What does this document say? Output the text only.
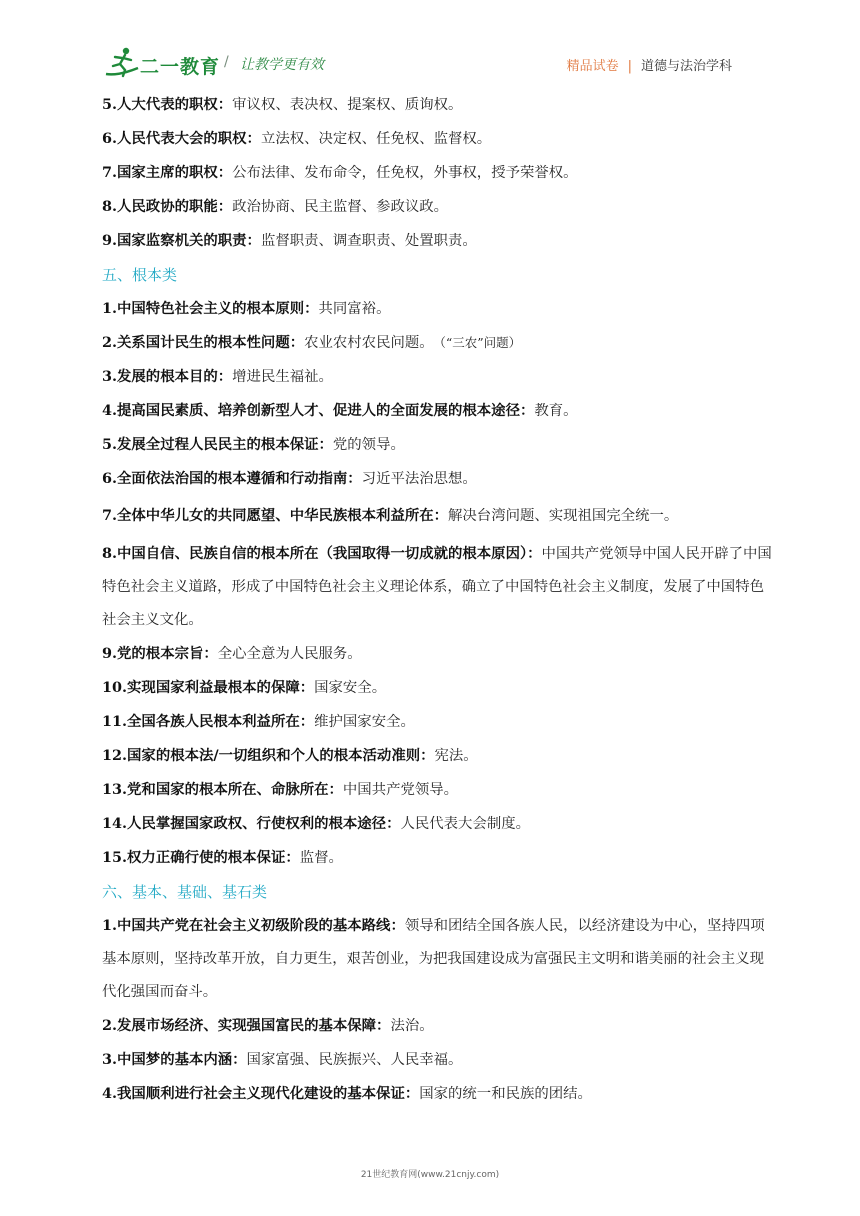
二一教育 / 让教学更有效	精品试卷 | 道德与法治学科

5.人大代表的职权：审议权、表决权、提案权、质询权。

6.人民代表大会的职权：立法权、决定权、任免权、监督权。

7.国家主席的职权：公布法律、发布命令，任免权，外事权，授予荣誉权。

8.人民政协的职能：政治协商、民主监督、参政议政。

9.国家监察机关的职责：监督职责、调查职责、处置职责。

五、根本类

1.中国特色社会主义的根本原则：共同富裕。

2.关系国计民生的根本性问题：农业农村农民问题。 （“三农”问题）

3.发展的根本目的：增进民生福祉。

4.提高国民素质、培养创新型人才、促进人的全面发展的根本途径：教育。

5.发展全过程人民民主的根本保证：党的领导。

6.全面依法治国的根本遵循和行动指南：习近平法治思想。

7.全体中华儿女的共同愿望、中华民族根本利益所在：解决台湾问题、实现祖国完全统一。

8.中国自信、民族自信的根本所在（我国取得一切成就的根本原因）：中国共产党领导中国人民开辟了中国特色社会主义道路，形成了中国特色社会主义理论体系，确立了中国特色社会主义制度，发展了中国特色社会主义文化。

9.党的根本宗旨：全心全意为人民服务。

10.实现国家利益最根本的保障：国家安全。

11.全国各族人民根本利益所在：维护国家安全。

12.国家的根本法/一切组织和个人的根本活动准则：宪法。

13.党和国家的根本所在、命脉所在：中国共产党领导。

14.人民掌握国家政权、行使权利的根本途径：人民代表大会制度。

15.权力正确行使的根本保证：监督。

六、基本、基础、基石类

1.中国共产党在社会主义初级阶段的基本路线：领导和团结全国各族人民，以经济建设为中心，坚持四项基本原则，坚持改革开放，自力更生，艰苦创业，为把我国建设成为富强民主文明和谐美丽的社会主义现代化强国而奋斗。

2.发展市场经济、实现强国富民的基本保障：法治。

3.中国梦的基本内涵：国家富强、民族振兴、人民幸福。

4.我国顺利进行社会主义现代化建设的基本保证：国家的统一和民族的团结。

21世纪教育网(www.21cnjy.com)
